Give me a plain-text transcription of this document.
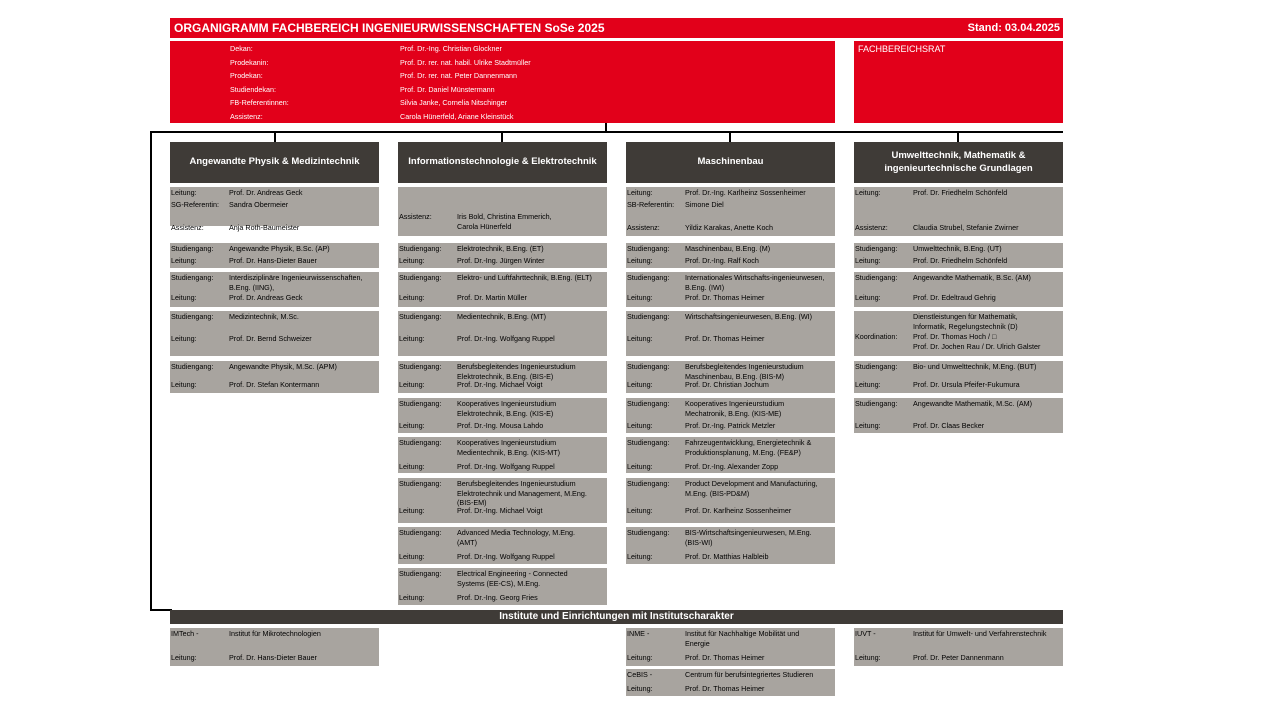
ORGANIGRAMM FACHBEREICH INGENIEURWISSENSCHAFTEN SoSe 2025	Stand: 03.04.2025
Dekan:	Prof. Dr.-Ing. Christian Glockner
Prodekanin:	Prof. Dr. rer. nat. habil. Ulrike Stadtmüller
Prodekan:	Prof. Dr. rer. nat. Peter Dannenmann
Studiendekan:	Prof. Dr. Daniel Münstermann
FB-Referentinnen:	Silvia Janke, Cornelia Nitschinger
Assistenz:	Carola Hünerfeld, Ariane Kleinstück
FACHBEREICHSRAT
Angewandte Physik & Medizintechnik
Leitung:	Prof. Dr. Andreas Geck
SG-Referentin: Sandra Obermeier
Assistenz:	Anja Roth-Baumeister
Studiengang: Angewandte Physik, B.Sc. (AP)
Leitung:	Prof. Dr. Hans-Dieter Bauer
Studiengang: Interdisziplinäre Ingenieurwissenschaften,
B.Eng. (IING),
Leitung:	Prof. Dr. Andreas Geck
Studiengang: Medizintechnik, M.Sc.
Leitung:	Prof. Dr. Bernd Schweizer
Studiengang: Angewandte Physik, M.Sc. (APM)
Leitung:	Prof. Dr. Stefan Kontermann
Informationstechnologie & Elektrotechnik
Assistenz:	Iris Bold, Christina Emmerich,
Carola Hünerfeld
Studiengang: Elektrotechnik, B.Eng. (ET)
Leitung:	Prof. Dr.-Ing. Jürgen Winter
Studiengang: Elektro- und Luftfahrttechnik, B.Eng. (ELT)
Leitung:	Prof. Dr. Martin Müller
Studiengang: Medientechnik, B.Eng. (MT)
Leitung:	Prof. Dr.-Ing. Wolfgang Ruppel
Studiengang: Berufsbegleitendes Ingenieurstudium
Elektrotechnik, B.Eng. (BIS-E)
Leitung:	Prof. Dr.-Ing. Michael Voigt
Studiengang: Kooperatives Ingenieurstudium
Elektrotechnik, B.Eng. (KIS-E)
Leitung:	Prof. Dr.-Ing. Mousa Lahdo
Studiengang: Kooperatives Ingenieurstudium
Medientechnik, B.Eng. (KIS-MT)
Leitung:	Prof. Dr.-Ing. Wolfgang Ruppel
Studiengang: Berufsbegleitendes Ingenieurstudium
Elektrotechnik und Management, M.Eng.
(BIS-EM)
Leitung:	Prof. Dr.-Ing. Michael Voigt
Studiengang: Advanced Media Technology, M.Eng.
(AMT)
Leitung:	Prof. Dr.-Ing. Wolfgang Ruppel
Studiengang: Electrical Engineering - Connected
Systems (EE-CS), M.Eng.
Leitung:	Prof. Dr.-Ing. Georg Fries
Maschinenbau
Leitung:	Prof. Dr.-Ing. Karlheinz Sossenheimer
SB-Referentin: Simone Diel
Assistenz:	Yildiz Karakas, Anette Koch
Studiengang: Maschinenbau, B.Eng. (M)
Leitung:	Prof. Dr.-Ing. Ralf Koch
Studiengang: Internationales Wirtschafts-ingenieurwesen,
B.Eng. (IWI)
Leitung:	Prof. Dr. Thomas Heimer
Studiengang: Wirtschaftsingenieurwesen, B.Eng. (WI)
Leitung:	Prof. Dr. Thomas Heimer
Studiengang: Berufsbegleitendes Ingenieurstudium
Maschinenbau, B.Eng. (BIS-M)
Leitung:	Prof. Dr. Christian Jochum
Studiengang: Kooperatives Ingenieurstudium
Mechatronik, B.Eng. (KIS-ME)
Leitung:	Prof. Dr.-Ing. Patrick Metzler
Studiengang: Fahrzeugentwicklung, Energietechnik &
Produktionsplanung, M.Eng. (FE&P)
Leitung:	Prof. Dr.-Ing. Alexander Zopp
Studiengang: Product Development and Manufacturing,
M.Eng. (BIS-PD&M)
Leitung:	Prof. Dr. Karlheinz Sossenheimer
Studiengang: BIS-Wirtschaftsingenieurwesen, M.Eng.
(BIS-WI)
Leitung:	Prof. Dr. Matthias Halbleib
Umwelttechnik, Mathematik &
ingenieurtechnische Grundlagen
Leitung:	Prof. Dr. Friedhelm Schönfeld
Assistenz:	Claudia Strubel, Stefanie Zwirner
Studiengang: Umwelttechnik, B.Eng. (UT)
Leitung:	Prof. Dr. Friedhelm Schönfeld
Studiengang: Angewandte Mathematik, B.Sc. (AM)
Leitung:	Prof. Dr. Edeltraud Gehrig
Dienstleistungen für Mathematik,
Informatik, Regelungstechnik (D)
Koordination: Prof. Dr. Thomas Hoch / □
Prof. Dr. Jochen Rau / Dr. Ulrich Galster
Studiengang: Bio- und Umwelttechnik, M.Eng. (BUT)
Leitung:	Prof. Dr. Ursula Pfeifer-Fukumura
Studiengang: Angewandte Mathematik, M.Sc. (AM)
Leitung:	Prof. Dr. Claas Becker
Institute und Einrichtungen mit Institutscharakter
IMTech -	Institut für Mikrotechnologien
Leitung:	Prof. Dr. Hans-Dieter Bauer
INME -	Institut für Nachhaltige Mobilität und
Energie
Leitung:	Prof. Dr. Thomas Heimer
CeBIS -	Centrum für berufsintegriertes Studieren
Leitung:	Prof. Dr. Thomas Heimer
IUVT -	Institut für Umwelt- und Verfahrenstechnik
Leitung:	Prof. Dr. Peter Dannenmann
